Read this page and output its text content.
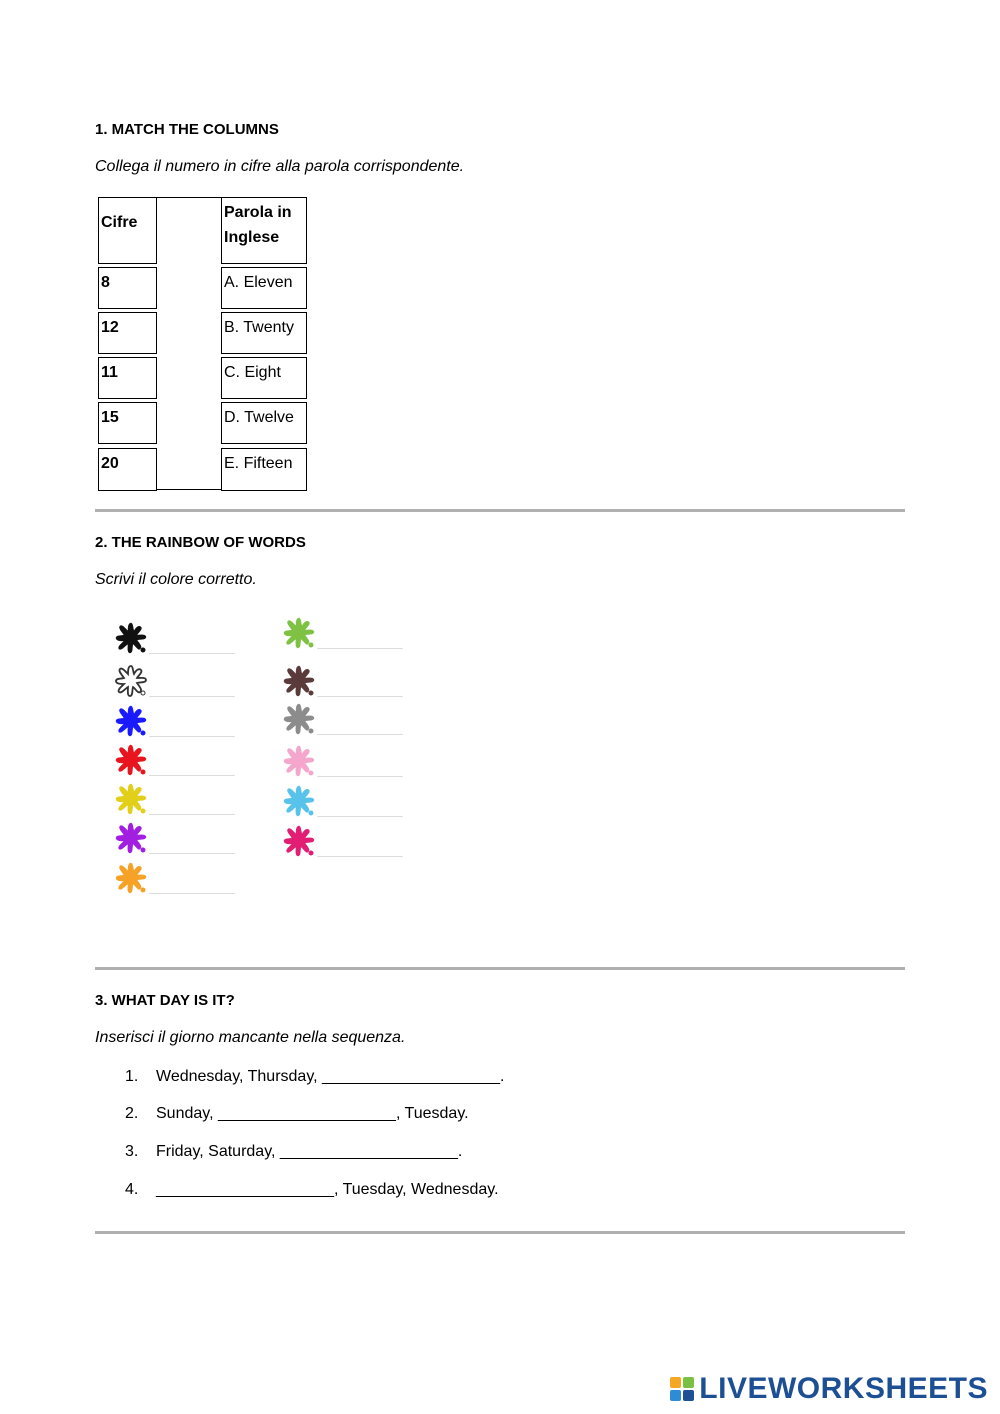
1. MATCH THE COLUMNS
Collega il numero in cifre alla parola corrispondente.
Cifre
Parola in
Inglese
8
12
11
15
20
A. Eleven
B. Twenty
C. Eight
D. Twelve
E. Fifteen
2. THE RAINBOW OF WORDS
Scrivi il colore corretto.
3. WHAT DAY IS IT?
Inserisci il giorno mancante nella sequenza.
1. Wednesday, Thursday, ____________________.
2. Sunday, ____________________, Tuesday.
3. Friday, Saturday, ____________________.
4. ____________________, Tuesday, Wednesday.
LIVEWORKSHEETS
